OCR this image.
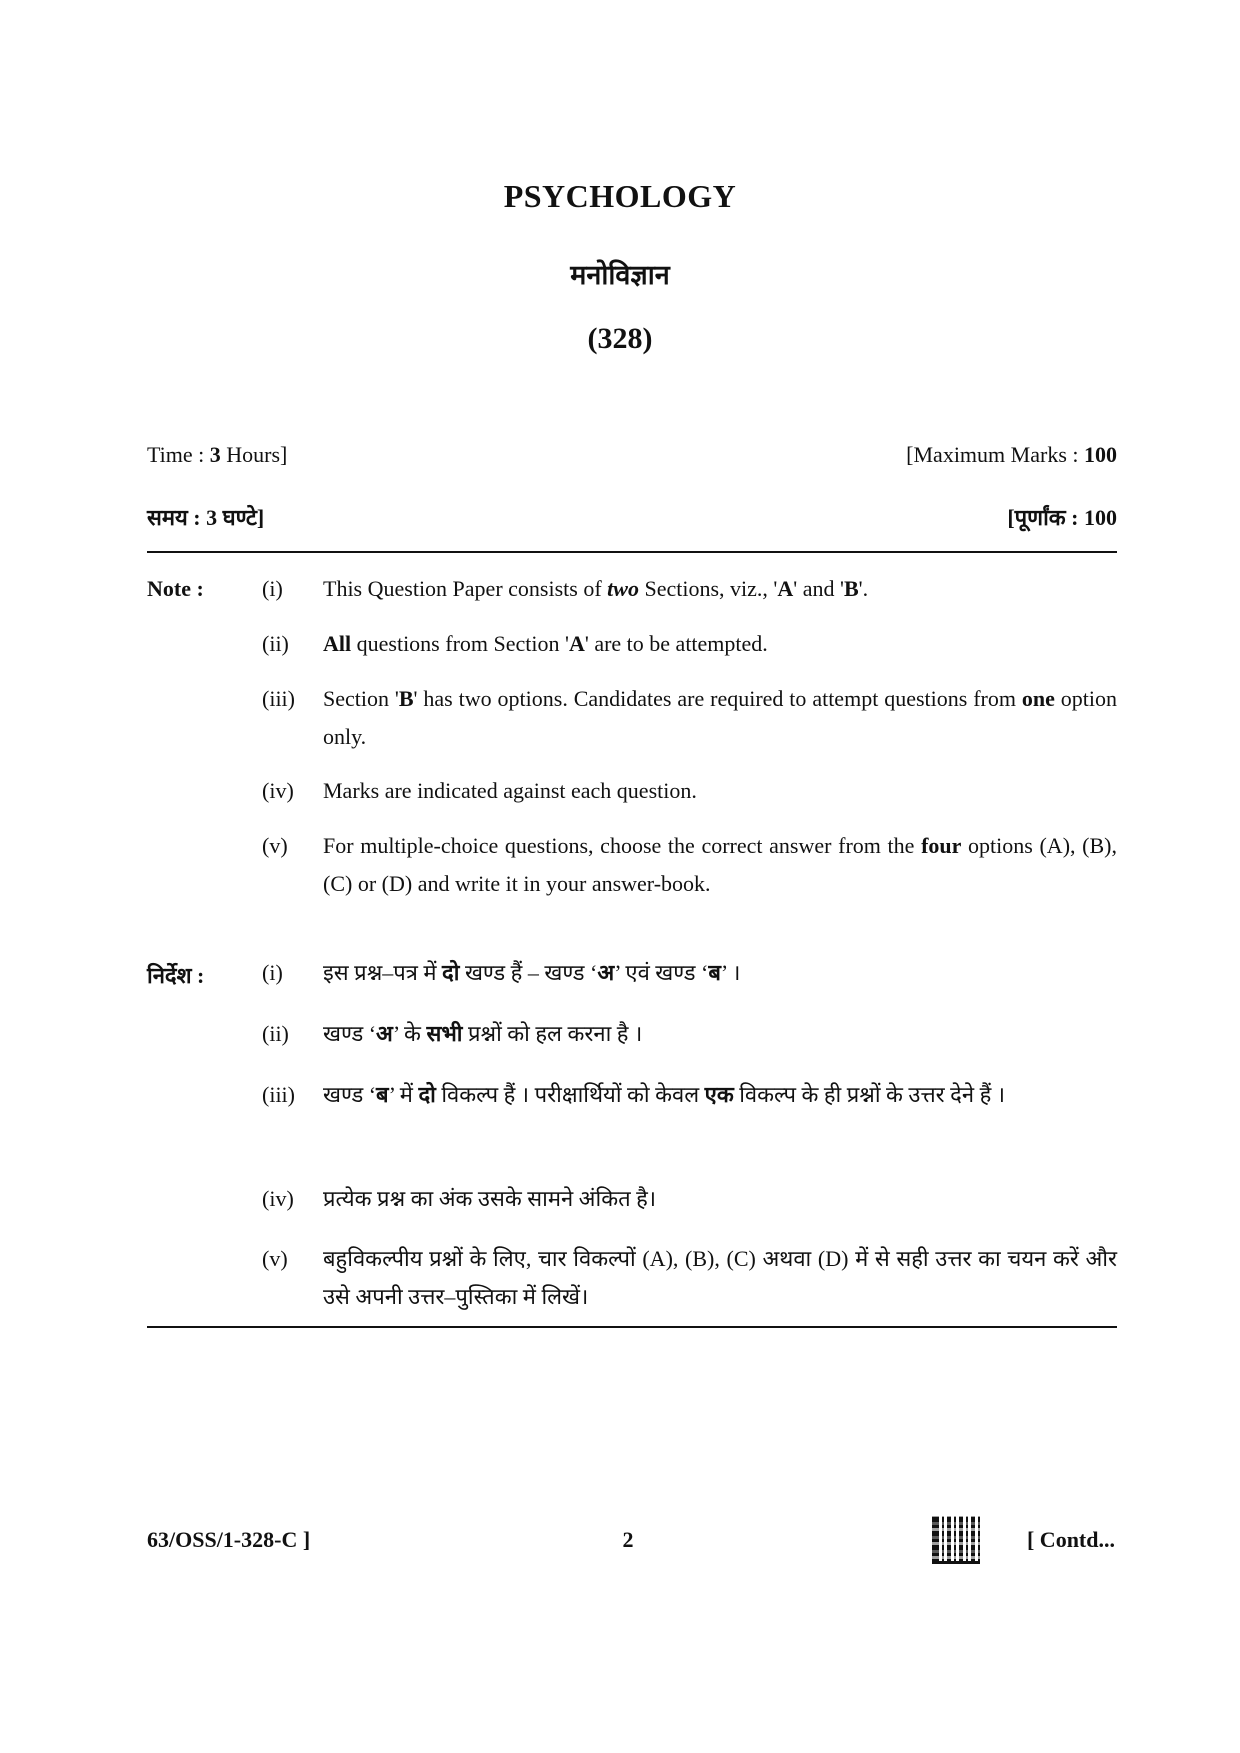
PSYCHOLOGY
मनोविज्ञान
(328)
Time : 3 Hours]	[Maximum Marks : 100
समय : 3 घण्टे]	[पूर्णांक : 100
Note :	(i)	This Question Paper consists of two Sections, viz., 'A' and 'B'.
(ii)	All questions from Section 'A' are to be attempted.
(iii)	Section 'B' has two options. Candidates are required to attempt questions from one option only.
(iv)	Marks are indicated against each question.
(v)	For multiple-choice questions, choose the correct answer from the four options (A), (B), (C) or (D) and write it in your answer-book.
निर्देश :	(i)	इस प्रश्न–पत्र में दो खण्ड हैं – खण्ड ‘अ’ एवं खण्ड ‘ब’ ।
(ii)	खण्ड ‘अ’ के सभी प्रश्नों को हल करना है ।
(iii)	खण्ड ‘ब’ में दो विकल्प हैं । परीक्षार्थियों को केवल एक विकल्प के ही प्रश्नों के उत्तर देने हैं ।
(iv)	प्रत्येक प्रश्न का अंक उसके सामने अंकित है।
(v)	बहुविकल्पीय प्रश्नों के लिए, चार विकल्पों (A), (B), (C) अथवा (D) में से सही उत्तर का चयन करें और उसे अपनी उत्तर–पुस्तिका में लिखें।
63/OSS/1-328-C ]	2	[ Contd...
